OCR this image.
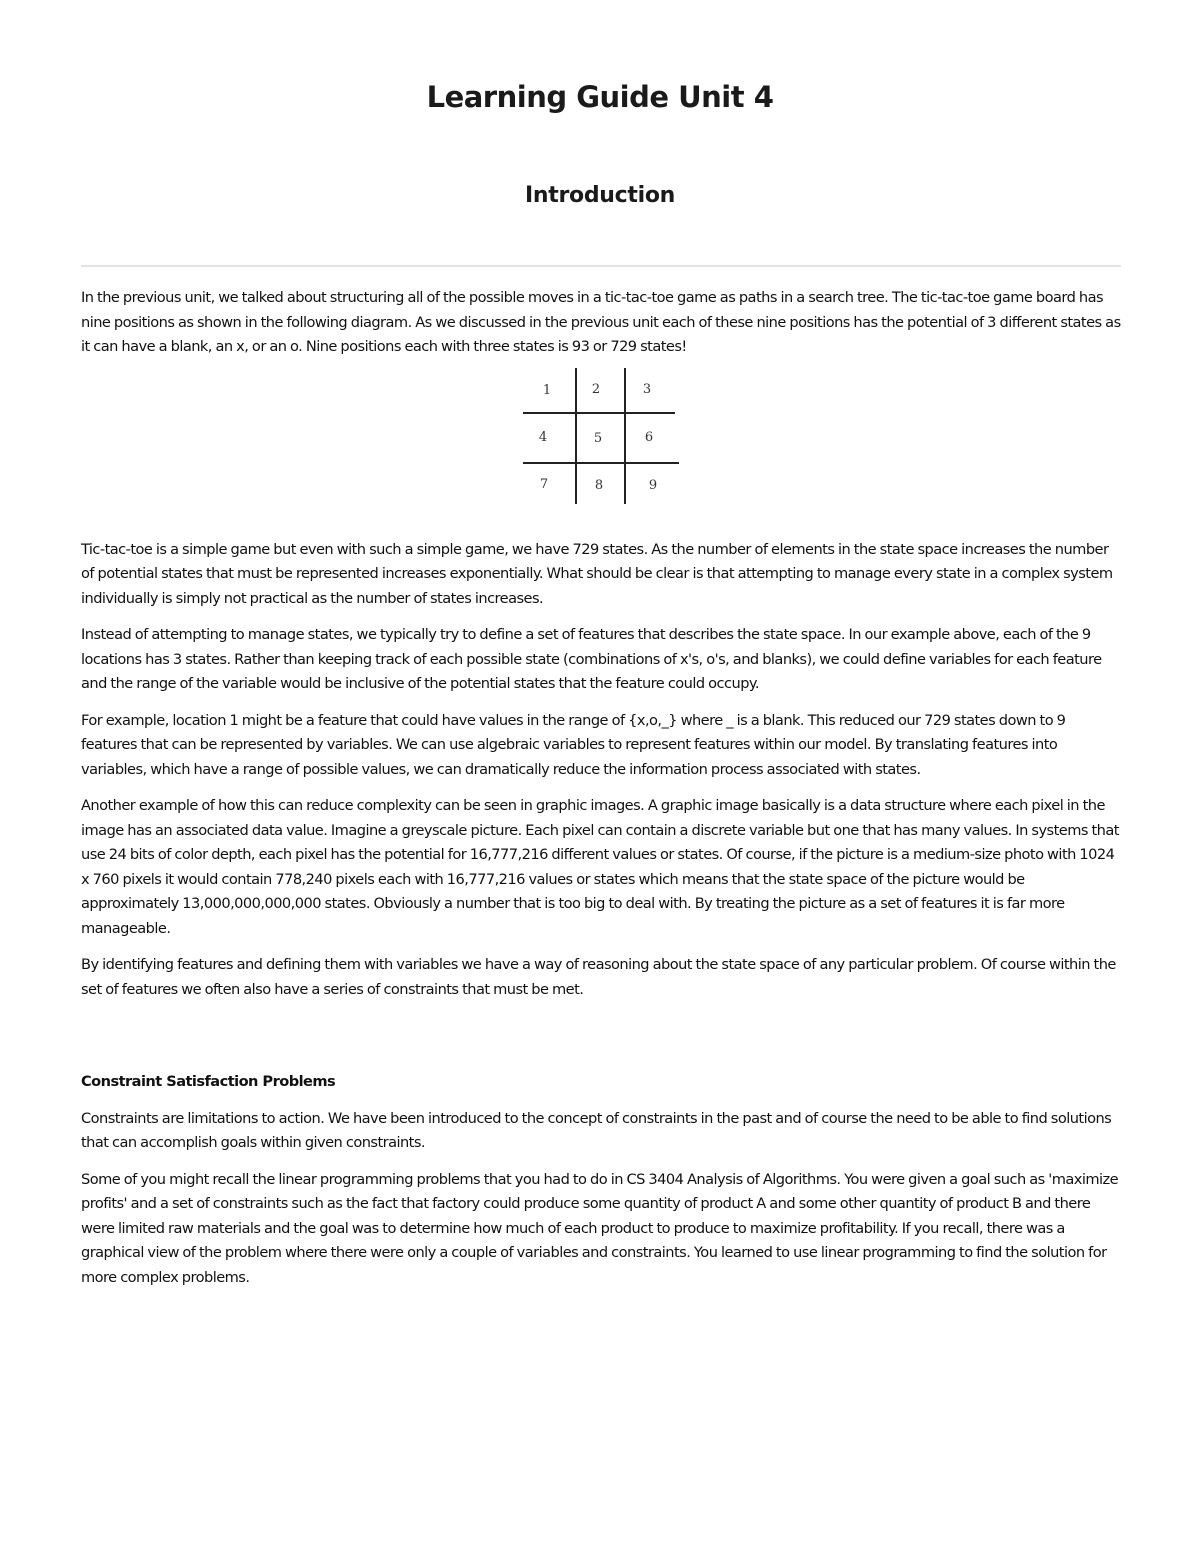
Learning Guide Unit 4
Introduction

In the previous unit, we talked about structuring all of the possible moves in a tic-tac-toe game as paths in a search tree. The tic-tac-toe game board has nine positions as shown in the following diagram. As we discussed in the previous unit each of these nine positions has the potential of 3 different states as it can have a blank, an x, or an o. Nine positions each with three states is 93 or 729 states!

1	2	3
4	5	6
7	8	9

Tic-tac-toe is a simple game but even with such a simple game, we have 729 states. As the number of elements in the state space increases the number of potential states that must be represented increases exponentially. What should be clear is that attempting to manage every state in a complex system individually is simply not practical as the number of states increases.

Instead of attempting to manage states, we typically try to define a set of features that describes the state space. In our example above, each of the 9 locations has 3 states. Rather than keeping track of each possible state (combinations of x's, o's, and blanks), we could define variables for each feature and the range of the variable would be inclusive of the potential states that the feature could occupy.

For example, location 1 might be a feature that could have values in the range of {x,o,_} where _ is a blank. This reduced our 729 states down to 9 features that can be represented by variables. We can use algebraic variables to represent features within our model. By translating features into variables, which have a range of possible values, we can dramatically reduce the information process associated with states.

Another example of how this can reduce complexity can be seen in graphic images. A graphic image basically is a data structure where each pixel in the image has an associated data value. Imagine a greyscale picture. Each pixel can contain a discrete variable but one that has many values. In systems that use 24 bits of color depth, each pixel has the potential for 16,777,216 different values or states. Of course, if the picture is a medium-size photo with 1024 x 760 pixels it would contain 778,240 pixels each with 16,777,216 values or states which means that the state space of the picture would be approximately 13,000,000,000,000 states. Obviously a number that is too big to deal with. By treating the picture as a set of features it is far more manageable.

By identifying features and defining them with variables we have a way of reasoning about the state space of any particular problem. Of course within the set of features we often also have a series of constraints that must be met.

Constraint Satisfaction Problems

Constraints are limitations to action. We have been introduced to the concept of constraints in the past and of course the need to be able to find solutions that can accomplish goals within given constraints.

Some of you might recall the linear programming problems that you had to do in CS 3404 Analysis of Algorithms. You were given a goal such as 'maximize profits' and a set of constraints such as the fact that factory could produce some quantity of product A and some other quantity of product B and there were limited raw materials and the goal was to determine how much of each product to produce to maximize profitability. If you recall, there was a graphical view of the problem where there were only a couple of variables and constraints. You learned to use linear programming to find the solution for more complex problems.
